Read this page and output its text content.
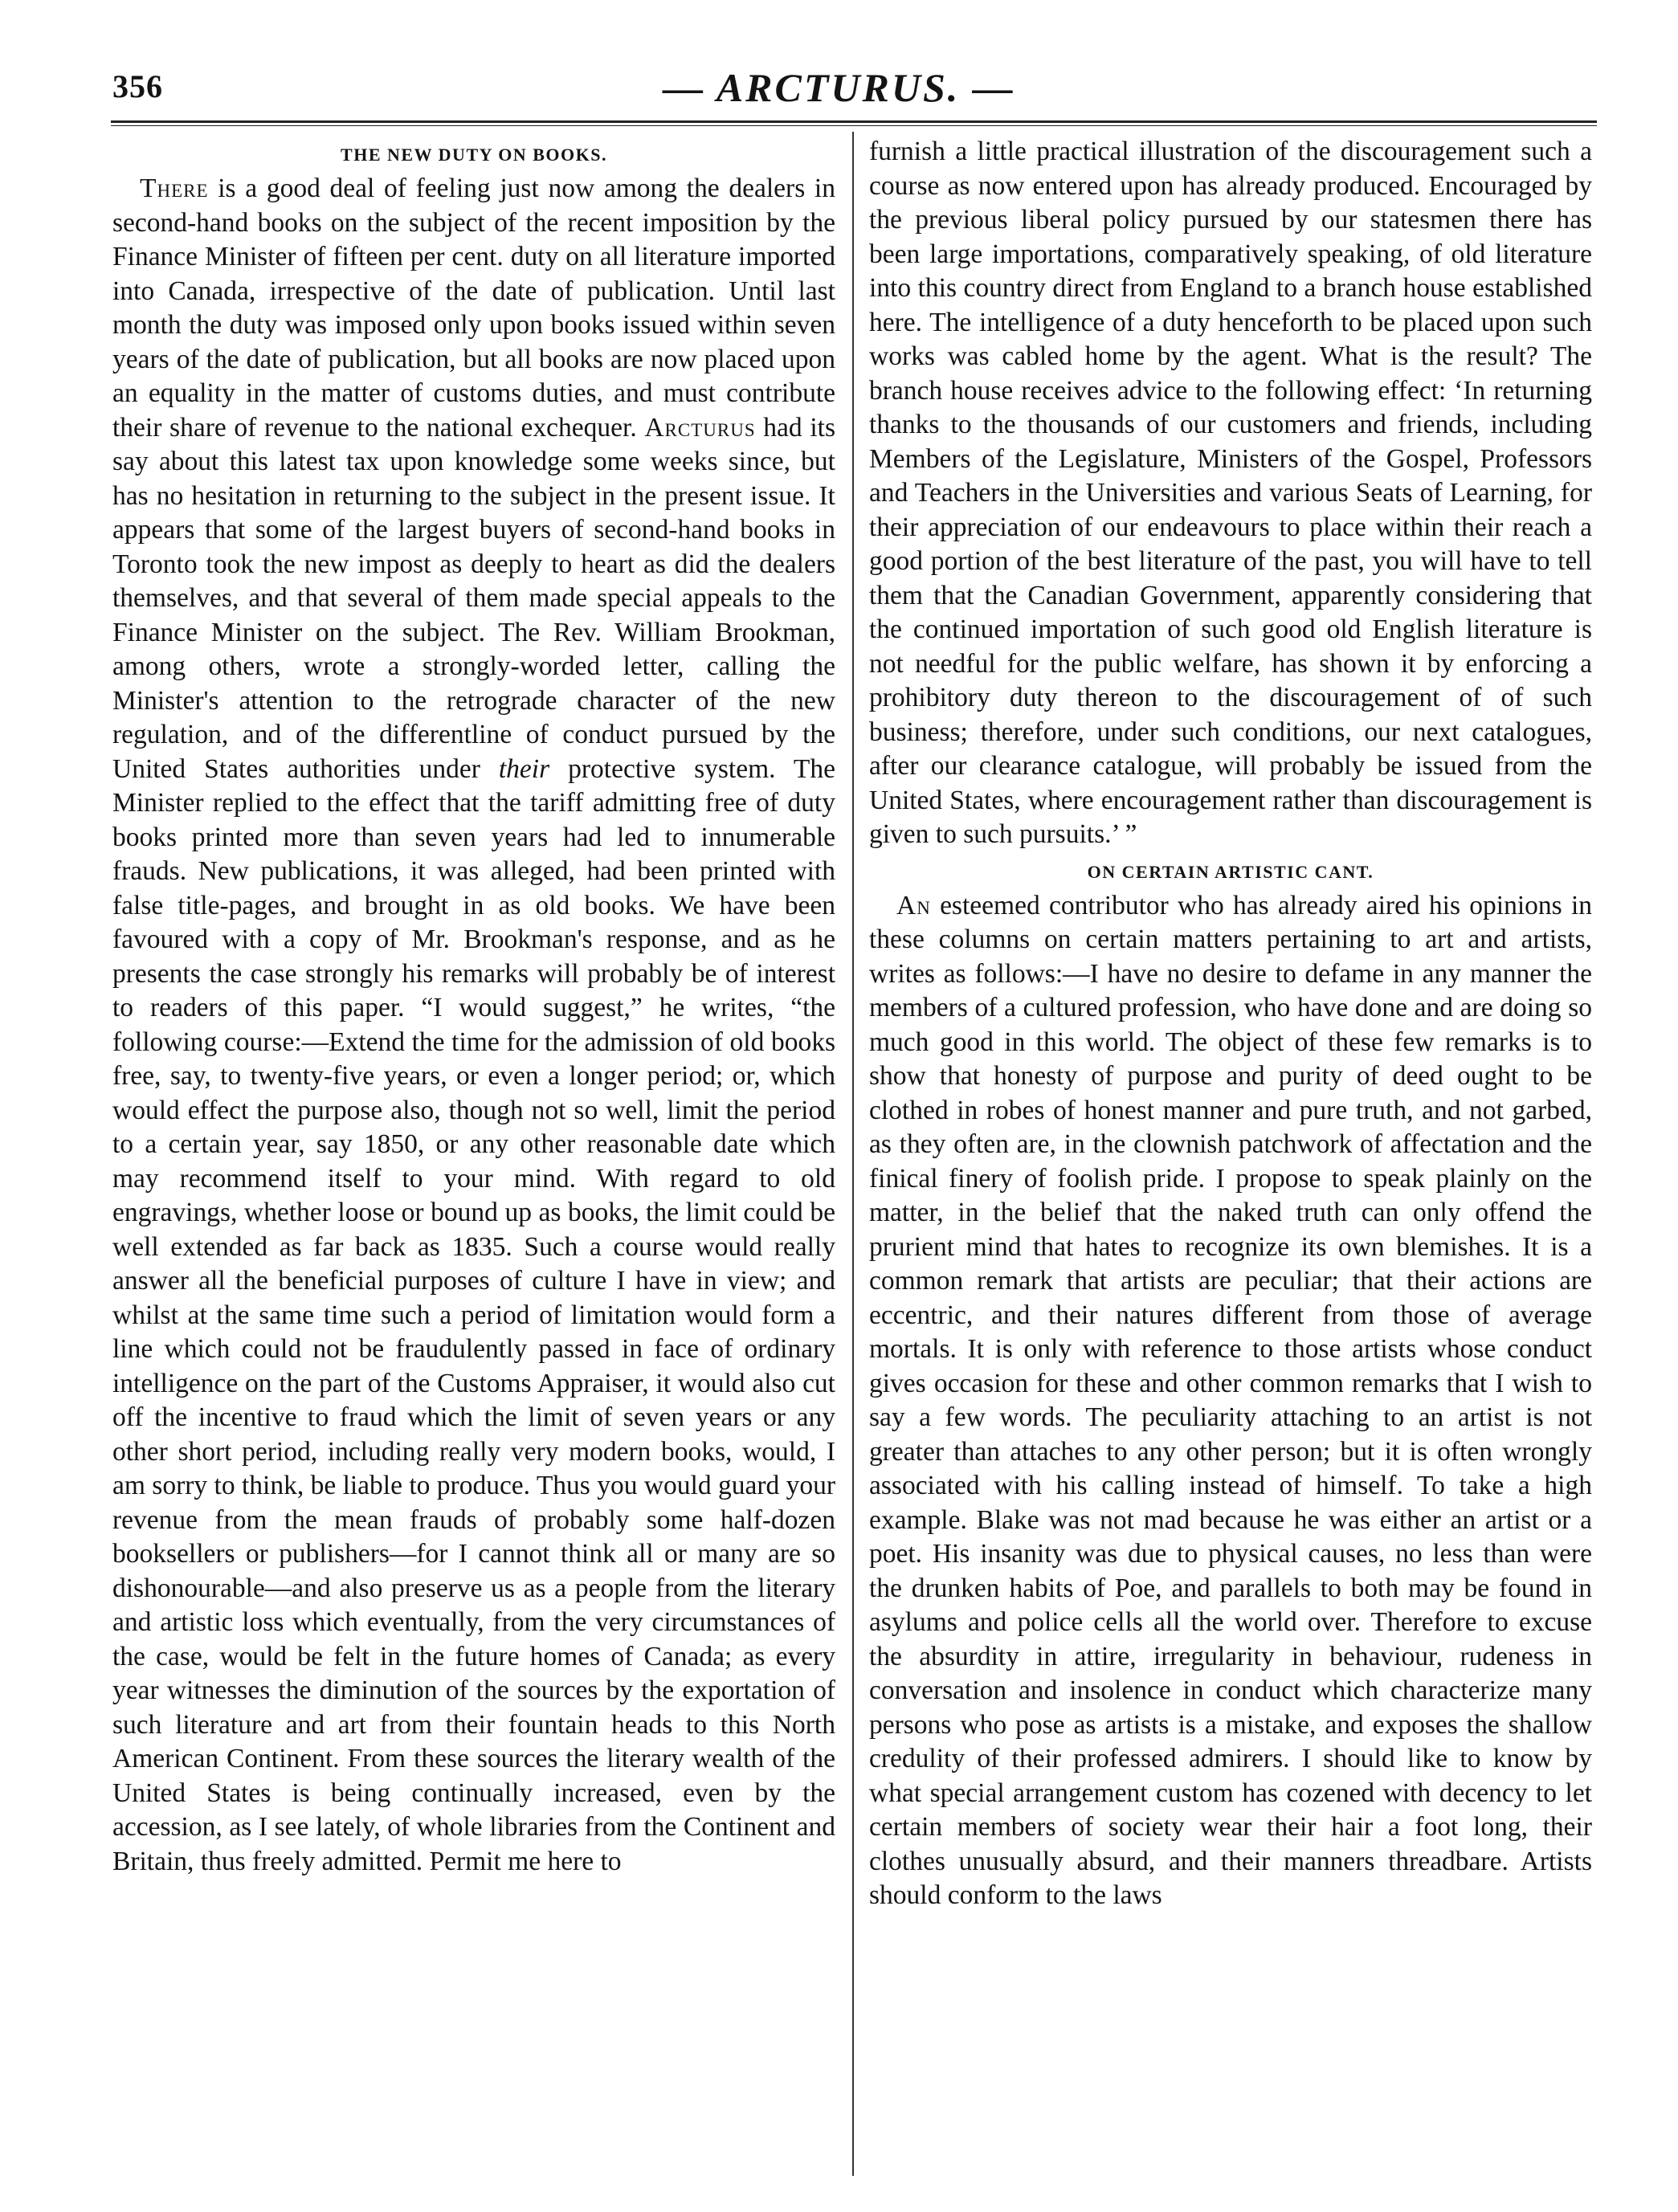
356	— ARCTURUS. —
THE NEW DUTY ON BOOKS.

There is a good deal of feeling just now among the dealers in second-hand books on the subject of the recent imposition by the Finance Minister of fifteen per cent. duty on all literature imported into Canada, irrespective of the date of publication. Until last month the duty was imposed only upon books issued within seven years of the date of publication, but all books are now placed upon an equality in the matter of customs duties, and must contribute their share of revenue to the national exchequer. Arcturus had its say about this latest tax upon knowledge some weeks since, but has no hesitation in returning to the subject in the present issue. It appears that some of the largest buyers of second-hand books in Toronto took the new impost as deeply to heart as did the dealers themselves, and that several of them made special appeals to the Finance Minister on the subject. The Rev. William Brookman, among others, wrote a strongly-worded letter, calling the Minister's attention to the retrograde character of the new regulation, and of the differentline of conduct pursued by the United States authorities under their protective system. The Minister replied to the effect that the tariff admitting free of duty books printed more than seven years had led to innumerable frauds. New publications, it was alleged, had been printed with false title-pages, and brought in as old books. We have been favoured with a copy of Mr. Brookman's response, and as he presents the case strongly his remarks will probably be of interest to readers of this paper. “I would suggest,” he writes, “the following course:—Extend the time for the admission of old books free, say, to twenty-five years, or even a longer period; or, which would effect the purpose also, though not so well, limit the period to a certain year, say 1850, or any other reasonable date which may recommend itself to your mind. With regard to old engravings, whether loose or bound up as books, the limit could be well extended as far back as 1835. Such a course would really answer all the beneficial purposes of culture I have in view; and whilst at the same time such a period of limitation would form a line which could not be fraudulently passed in face of ordinary intelligence on the part of the Customs Appraiser, it would also cut off the incentive to fraud which the limit of seven years or any other short period, including really very modern books, would, I am sorry to think, be liable to produce. Thus you would guard your revenue from the mean frauds of probably some half-dozen booksellers or publishers—for I cannot think all or many are so dishonourable—and also preserve us as a people from the literary and artistic loss which eventually, from the very circumstances of the case, would be felt in the future homes of Canada; as every year witnesses the diminution of the sources by the exportation of such literature and art from their fountain heads to this North American Continent. From these sources the literary wealth of the United States is being continually increased, even by the accession, as I see lately, of whole libraries from the Continent and Britain, thus freely admitted. Permit me here to

furnish a little practical illustration of the discouragement such a course as now entered upon has already produced. Encouraged by the previous liberal policy pursued by our statesmen there has been large importations, comparatively speaking, of old literature into this country direct from England to a branch house established here. The intelligence of a duty henceforth to be placed upon such works was cabled home by the agent. What is the result? The branch house receives advice to the following effect: ‘In returning thanks to the thousands of our customers and friends, including Members of the Legislature, Ministers of the Gospel, Professors and Teachers in the Universities and various Seats of Learning, for their appreciation of our endeavours to place within their reach a good portion of the best literature of the past, you will have to tell them that the Canadian Government, apparently considering that the continued importation of such good old English literature is not needful for the public welfare, has shown it by enforcing a prohibitory duty thereon to the discouragement of of such business; therefore, under such conditions, our next catalogues, after our clearance catalogue, will probably be issued from the United States, where encouragement rather than discouragement is given to such pursuits.’ ”

ON CERTAIN ARTISTIC CANT.

An esteemed contributor who has already aired his opinions in these columns on certain matters pertaining to art and artists, writes as follows:—I have no desire to defame in any manner the members of a cultured profession, who have done and are doing so much good in this world. The object of these few remarks is to show that honesty of purpose and purity of deed ought to be clothed in robes of honest manner and pure truth, and not garbed, as they often are, in the clownish patchwork of affectation and the finical finery of foolish pride. I propose to speak plainly on the matter, in the belief that the naked truth can only offend the prurient mind that hates to recognize its own blemishes. It is a common remark that artists are peculiar; that their actions are eccentric, and their natures different from those of average mortals. It is only with reference to those artists whose conduct gives occasion for these and other common remarks that I wish to say a few words. The peculiarity attaching to an artist is not greater than attaches to any other person; but it is often wrongly associated with his calling instead of himself. To take a high example. Blake was not mad because he was either an artist or a poet. His insanity was due to physical causes, no less than were the drunken habits of Poe, and parallels to both may be found in asylums and police cells all the world over. Therefore to excuse the absurdity in attire, irregularity in behaviour, rudeness in conversation and insolence in conduct which characterize many persons who pose as artists is a mistake, and exposes the shallow credulity of their professed admirers. I should like to know by what special arrangement custom has cozened with decency to let certain members of society wear their hair a foot long, their clothes unusually absurd, and their manners threadbare. Artists should conform to the laws
